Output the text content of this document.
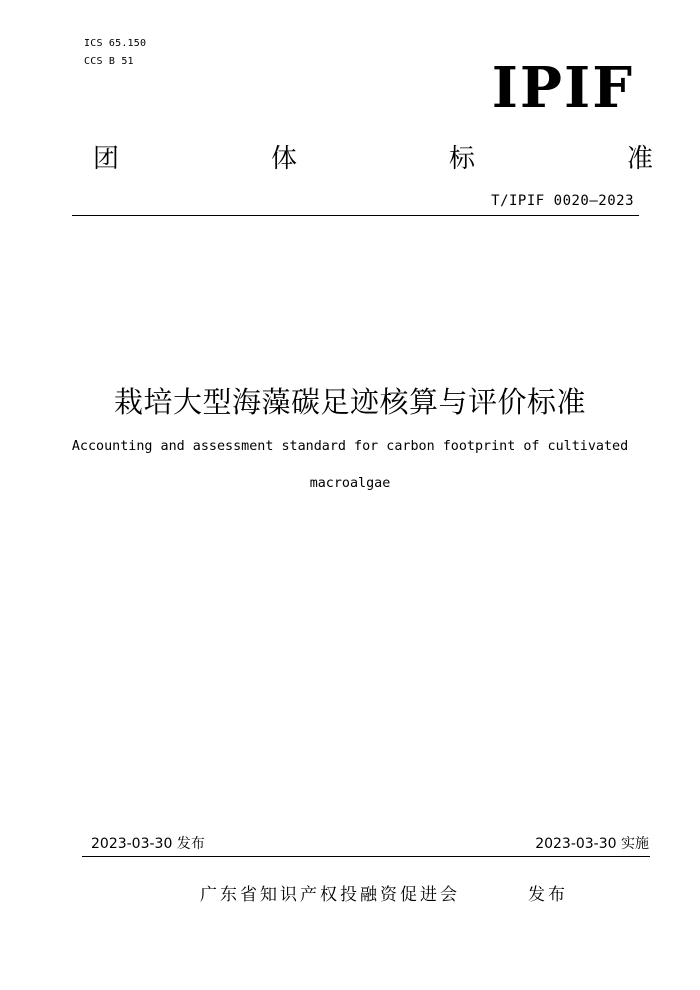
ICS 65.150
CCS B 51	IPIF
团	体	标	准
T/IPIF 0020—2023
栽培大型海藻碳足迹核算与评价标准
Accounting and assessment standard for carbon footprint of cultivated
macroalgae
2023-03-30 发布	2023-03-30 实施
广东省知识产权投融资促进会	发布
